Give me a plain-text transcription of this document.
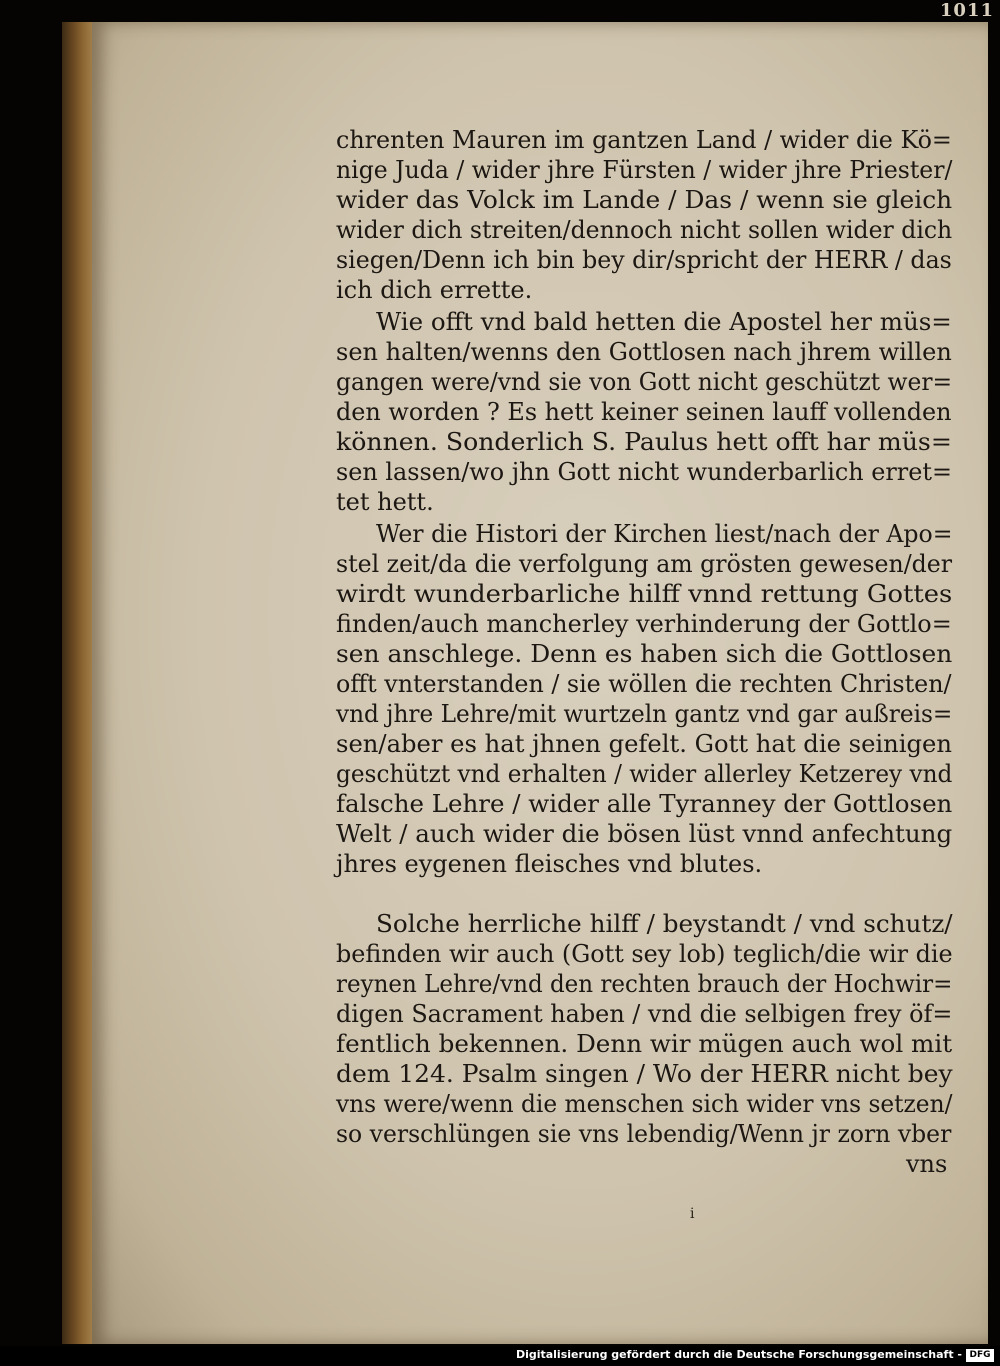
1011
chrenten Mauren im gantzen Land / wider die Kö=
nige Juda / wider jhre Fürsten / wider jhre Priester/
wider das Volck im Lande / Das / wenn sie gleich
wider dich streiten/dennoch nicht sollen wider dich
siegen/Denn ich bin bey dir/spricht der HERR / das
ich dich errette.
Wie offt vnd bald hetten die Apostel her müs=
sen halten/wenns den Gottlosen nach jhrem willen
gangen were/vnd sie von Gott nicht geschützt wer=
den worden ? Es hett keiner seinen lauff vollenden
können. Sonderlich S. Paulus hett offt har müs=
sen lassen/wo jhn Gott nicht wunderbarlich erret=
tet hett.
Wer die Histori der Kirchen liest/nach der Apo=
stel zeit/da die verfolgung am grösten gewesen/der
wirdt wunderbarliche hilff vnnd rettung Gottes
finden/auch mancherley verhinderung der Gottlo=
sen anschlege. Denn es haben sich die Gottlosen
offt vnterstanden / sie wöllen die rechten Christen/
vnd jhre Lehre/mit wurtzeln gantz vnd gar außreis=
sen/aber es hat jhnen gefelt. Gott hat die seinigen
geschützt vnd erhalten / wider allerley Ketzerey vnd
falsche Lehre / wider alle Tyranney der Gottlosen
Welt / auch wider die bösen lüst vnnd anfechtung
jhres eygenen fleisches vnd blutes.
Solche herrliche hilff / beystandt / vnd schutz/
befinden wir auch (Gott sey lob) teglich/die wir die
reynen Lehre/vnd den rechten brauch der Hochwir=
digen Sacrament haben / vnd die selbigen frey öf=
fentlich bekennen. Denn wir mügen auch wol mit
dem 124. Psalm singen / Wo der HERR nicht bey
vns were/wenn die menschen sich wider vns setzen/
so verschlüngen sie vns lebendig/Wenn jr zorn vber
vns
i
Digitalisierung gefördert durch die Deutsche Forschungsgemeinschaft - DFG
